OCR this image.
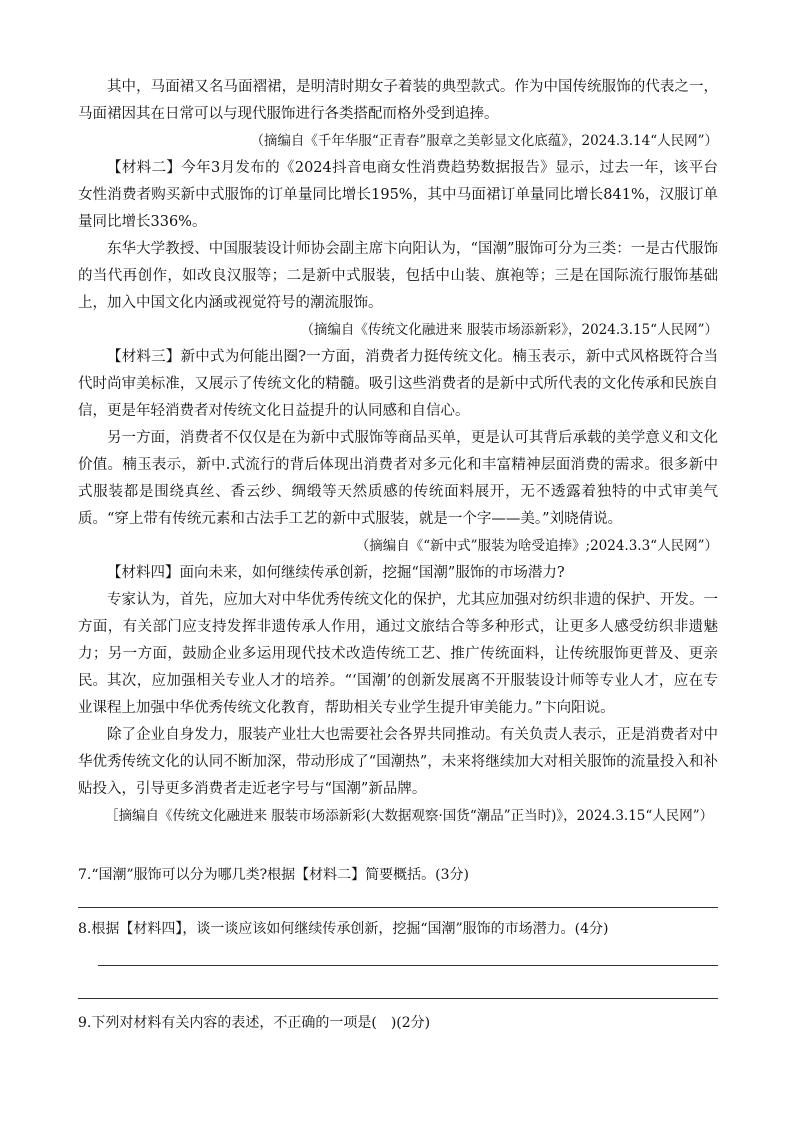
其中，马面裙又名马面褶裙，是明清时期女子着装的典型款式。作为中国传统服饰的代表之一，马面裙因其在日常可以与现代服饰进行各类搭配而格外受到追捧。

（摘编自《千年华服“正青春”服章之美彰显文化底蕴》，2024.3.14“人民网”）

【材料二】今年3月发布的《2024抖音电商女性消费趋势数据报告》显示，过去一年，该平台女性消费者购买新中式服饰的订单量同比增长195%，其中马面裙订单量同比增长841%，汉服订单量同比增长336%。

东华大学教授、中国服装设计师协会副主席卞向阳认为，“国潮”服饰可分为三类：一是古代服饰的当代再创作，如改良汉服等；二是新中式服装，包括中山装、旗袍等；三是在国际流行服饰基础上，加入中国文化内涵或视觉符号的潮流服饰。

（摘编自《传统文化融进来 服装市场添新彩》，2024.3.15“人民网”）

【材料三】新中式为何能出圈?一方面，消费者力挺传统文化。楠玉表示，新中式风格既符合当代时尚审美标准，又展示了传统文化的精髓。吸引这些消费者的是新中式所代表的文化传承和民族自信，更是年轻消费者对传统文化日益提升的认同感和自信心。

另一方面，消费者不仅仅是在为新中式服饰等商品买单，更是认可其背后承载的美学意义和文化价值。楠玉表示，新中.式流行的背后体现出消费者对多元化和丰富精神层面消费的需求。很多新中式服装都是围绕真丝、香云纱、绸缎等天然质感的传统面料展开，无不透露着独特的中式审美气质。“穿上带有传统元素和古法手工艺的新中式服装，就是一个字——美。”刘晓倩说。

（摘编自《“新中式”服装为啥受追捧》;2024.3.3“人民网”）

【材料四】面向未来，如何继续传承创新，挖掘“国潮”服饰的市场潜力?

专家认为，首先，应加大对中华优秀传统文化的保护，尤其应加强对纺织非遗的保护、开发。一方面，有关部门应支持发挥非遗传承人作用，通过文旅结合等多种形式，让更多人感受纺织非遗魅力；另一方面，鼓励企业多运用现代技术改造传统工艺、推广传统面料，让传统服饰更普及、更亲民。 其次，应加强相关专业人才的培养。“‘国潮’的创新发展离不开服装设计师等专业人才，应在专业课程上加强中华优秀传统文化教育，帮助相关专业学生提升审美能力。”卞向阳说。

除了企业自身发力，服装产业壮大也需要社会各界共同推动。有关负责人表示，正是消费者对中华优秀传统文化的认同不断加深，带动形成了“国潮热”，未来将继续加大对相关服饰的流量投入和补贴投入，引导更多消费者走近老字号与“国潮”新品牌。

［摘编自《传统文化融进来 服装市场添新彩(大数据观察·国货“潮品”正当时)》，2024.3.15“人民网”）

7.“国潮”服饰可以分为哪几类?根据【材料二】简要概括。(3分)

8.根据【材料四】，谈一谈应该如何继续传承创新，挖掘“国潮”服饰的市场潜力。(4分)

9.下列对材料有关内容的表述，不正确的一项是(　)(2分)
